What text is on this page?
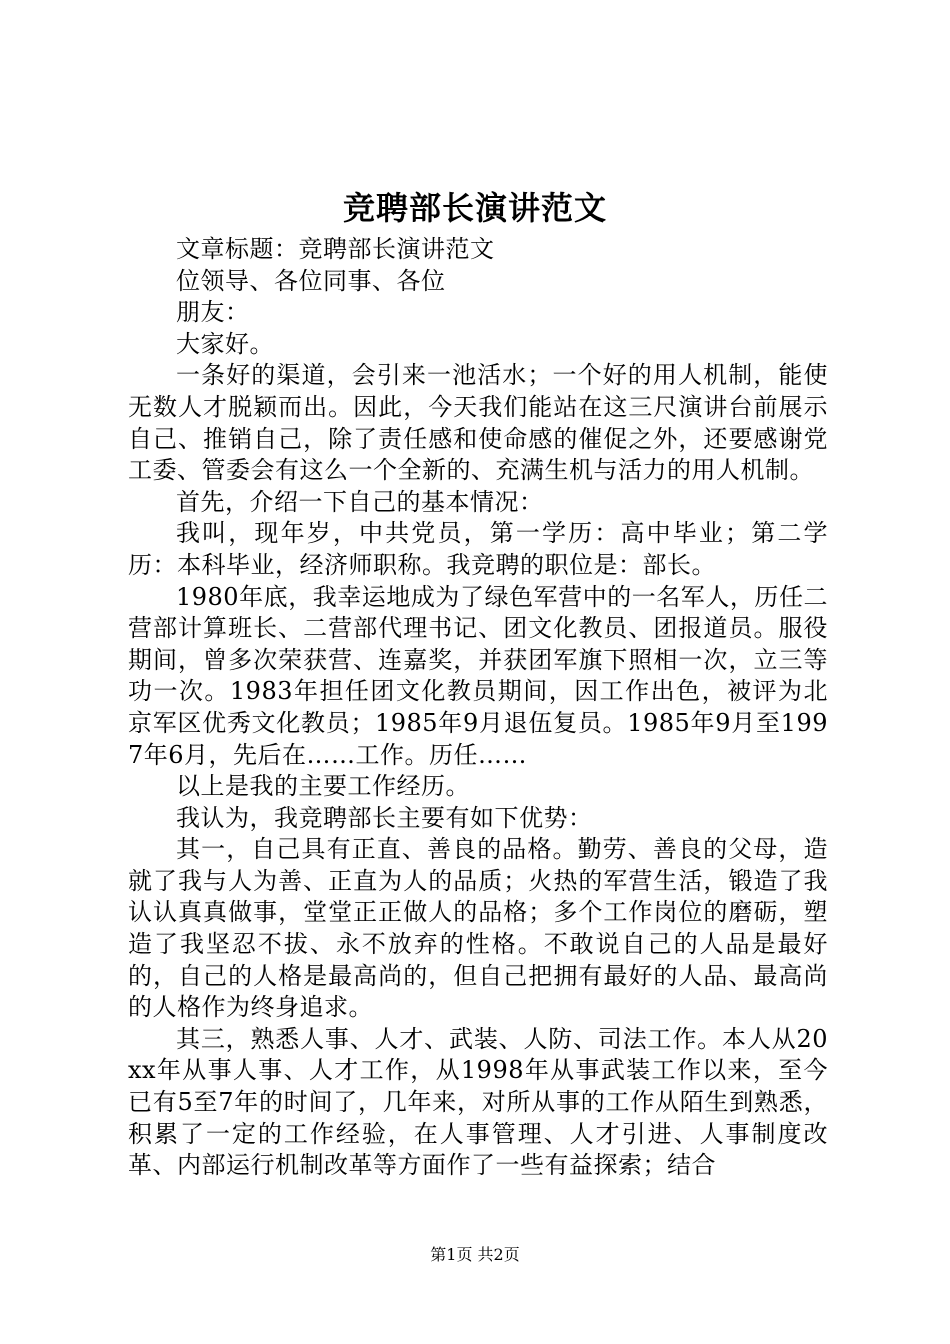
竞聘部长演讲范文

文章标题：竞聘部长演讲范文

位领导、各位同事、各位

朋友：

大家好。

一条好的渠道，会引来一池活水；一个好的用人机制，能使无数人才脱颖而出。因此，今天我们能站在这三尺演讲台前展示自己、推销自己，除了责任感和使命感的催促之外，还要感谢党工委、管委会有这么一个全新的、充满生机与活力的用人机制。

首先，介绍一下自己的基本情况：

我叫，现年岁，中共党员，第一学历：高中毕业；第二学历：本科毕业，经济师职称。我竞聘的职位是：部长。

1980年底，我幸运地成为了绿色军营中的一名军人，历任二营部计算班长、二营部代理书记、团文化教员、团报道员。服役期间，曾多次荣获营、连嘉奖，并获团军旗下照相一次，立三等功一次。1983年担任团文化教员期间，因工作出色，被评为北京军区优秀文化教员；1985年9月退伍复员。1985年9月至1997年6月，先后在……工作。历任……

以上是我的主要工作经历。

我认为，我竞聘部长主要有如下优势：

其一，自己具有正直、善良的品格。勤劳、善良的父母，造就了我与人为善、正直为人的品质；火热的军营生活，锻造了我认认真真做事，堂堂正正做人的品格；多个工作岗位的磨砺，塑造了我坚忍不拔、永不放弃的性格。不敢说自己的人品是最好的，自己的人格是最高尚的，但自己把拥有最好的人品、最高尚的人格作为终身追求。

其三，熟悉人事、人才、武装、人防、司法工作。本人从20xx年从事人事、人才工作，从1998年从事武装工作以来，至今已有5至7年的时间了，几年来，对所从事的工作从陌生到熟悉，积累了一定的工作经验，在人事管理、人才引进、人事制度改革、内部运行机制改革等方面作了一些有益探索；结合

第1页 共2页
